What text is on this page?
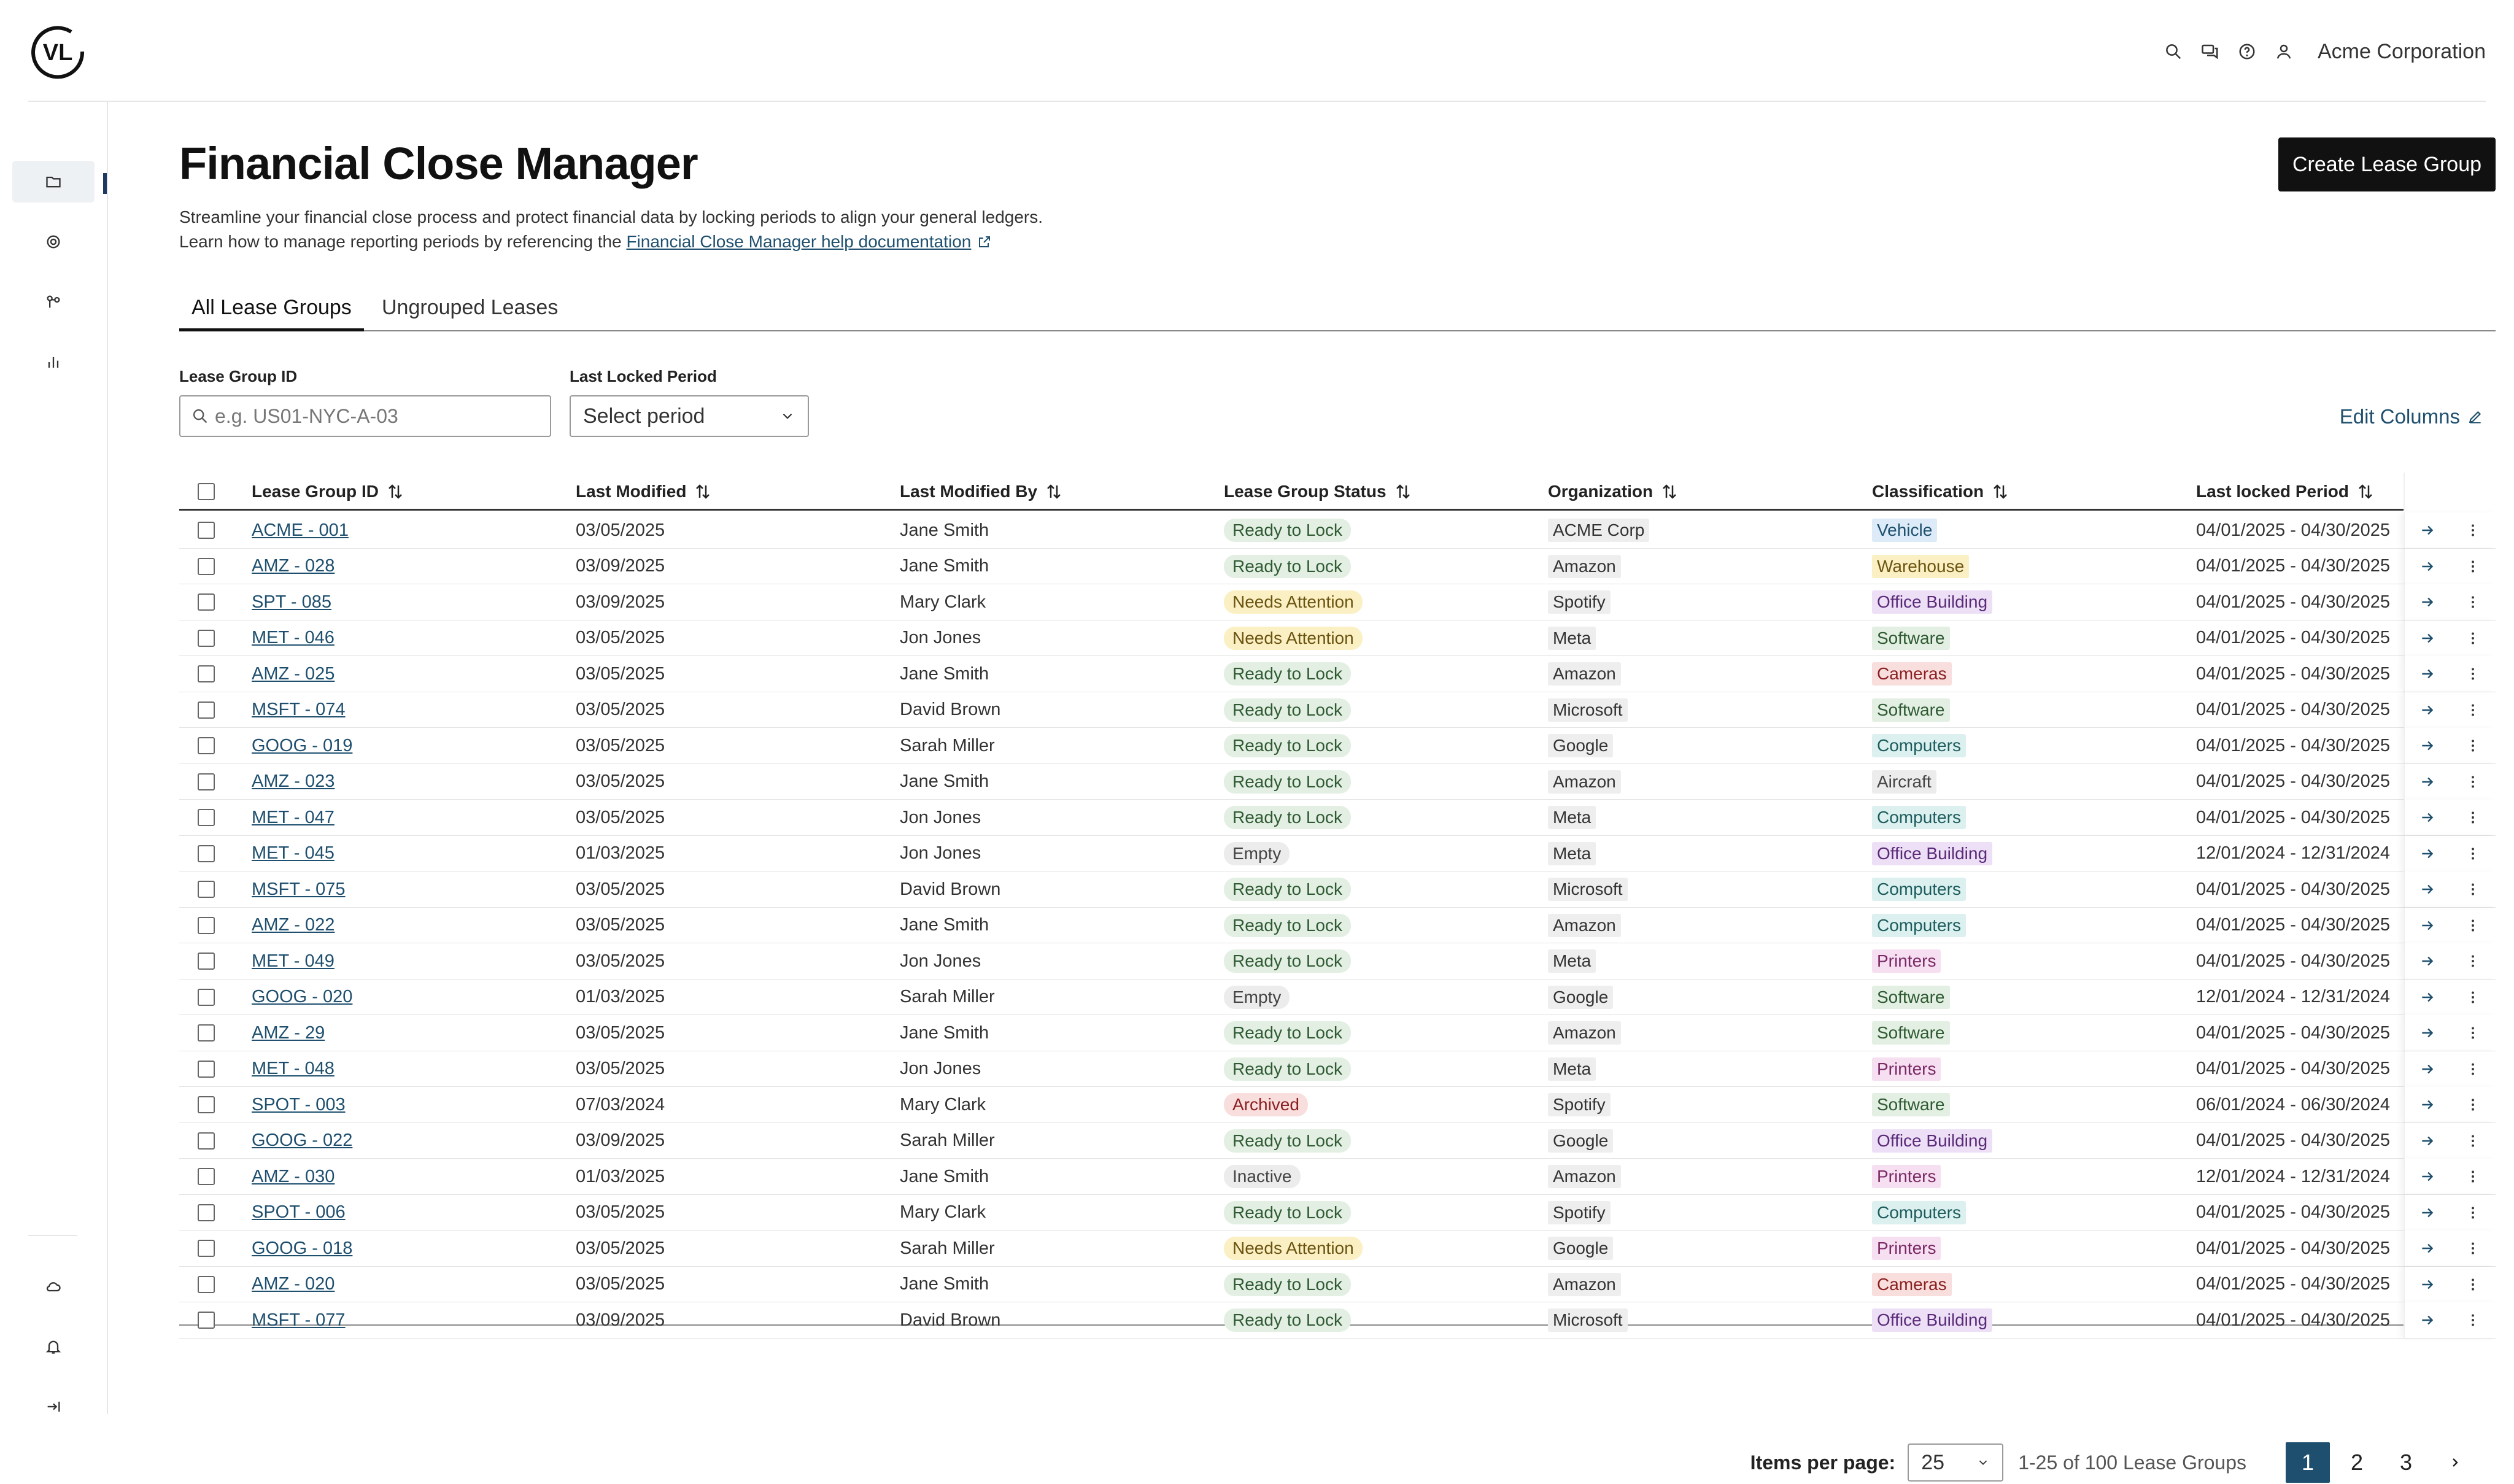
VL	Acme Corporation
Financial Close Manager	Create Lease Group
Streamline your financial close process and protect financial data by locking periods to align your general ledgers.
Learn how to manage reporting periods by referencing the Financial Close Manager help documentation
All Lease Groups	Ungrouped Leases
Lease Group ID
e.g. US01-NYC-A-03	Last Locked Period
Select period	Edit Columns
Lease Group ID	Last Modified	Last Modified By	Lease Group Status	Organization	Classification	Last locked Period
ACME - 001	03/05/2025	Jane Smith	Ready to Lock	ACME Corp	Vehicle	04/01/2025 - 04/30/2025
AMZ - 028	03/09/2025	Jane Smith	Ready to Lock	Amazon	Warehouse	04/01/2025 - 04/30/2025
SPT - 085	03/09/2025	Mary Clark	Needs Attention	Spotify	Office Building	04/01/2025 - 04/30/2025
MET - 046	03/05/2025	Jon Jones	Needs Attention	Meta	Software	04/01/2025 - 04/30/2025
AMZ - 025	03/05/2025	Jane Smith	Ready to Lock	Amazon	Cameras	04/01/2025 - 04/30/2025
MSFT - 074	03/05/2025	David Brown	Ready to Lock	Microsoft	Software	04/01/2025 - 04/30/2025
GOOG - 019	03/05/2025	Sarah Miller	Ready to Lock	Google	Computers	04/01/2025 - 04/30/2025
AMZ - 023	03/05/2025	Jane Smith	Ready to Lock	Amazon	Aircraft	04/01/2025 - 04/30/2025
MET - 047	03/05/2025	Jon Jones	Ready to Lock	Meta	Computers	04/01/2025 - 04/30/2025
MET - 045	01/03/2025	Jon Jones	Empty	Meta	Office Building	12/01/2024 - 12/31/2024
MSFT - 075	03/05/2025	David Brown	Ready to Lock	Microsoft	Computers	04/01/2025 - 04/30/2025
AMZ - 022	03/05/2025	Jane Smith	Ready to Lock	Amazon	Computers	04/01/2025 - 04/30/2025
MET - 049	03/05/2025	Jon Jones	Ready to Lock	Meta	Printers	04/01/2025 - 04/30/2025
GOOG - 020	01/03/2025	Sarah Miller	Empty	Google	Software	12/01/2024 - 12/31/2024
AMZ - 29	03/05/2025	Jane Smith	Ready to Lock	Amazon	Software	04/01/2025 - 04/30/2025
MET - 048	03/05/2025	Jon Jones	Ready to Lock	Meta	Printers	04/01/2025 - 04/30/2025
SPOT - 003	07/03/2024	Mary Clark	Archived	Spotify	Software	06/01/2024 - 06/30/2024
GOOG - 022	03/09/2025	Sarah Miller	Ready to Lock	Google	Office Building	04/01/2025 - 04/30/2025
AMZ - 030	01/03/2025	Jane Smith	Inactive	Amazon	Printers	12/01/2024 - 12/31/2024
SPOT - 006	03/05/2025	Mary Clark	Ready to Lock	Spotify	Computers	04/01/2025 - 04/30/2025
GOOG - 018	03/05/2025	Sarah Miller	Needs Attention	Google	Printers	04/01/2025 - 04/30/2025
AMZ - 020	03/05/2025	Jane Smith	Ready to Lock	Amazon	Cameras	04/01/2025 - 04/30/2025
MSFT - 077	03/09/2025	David Brown	Ready to Lock	Microsoft	Office Building	04/01/2025 - 04/30/2025
Items per page: 25	1-25 of 100 Lease Groups	1	2	3
